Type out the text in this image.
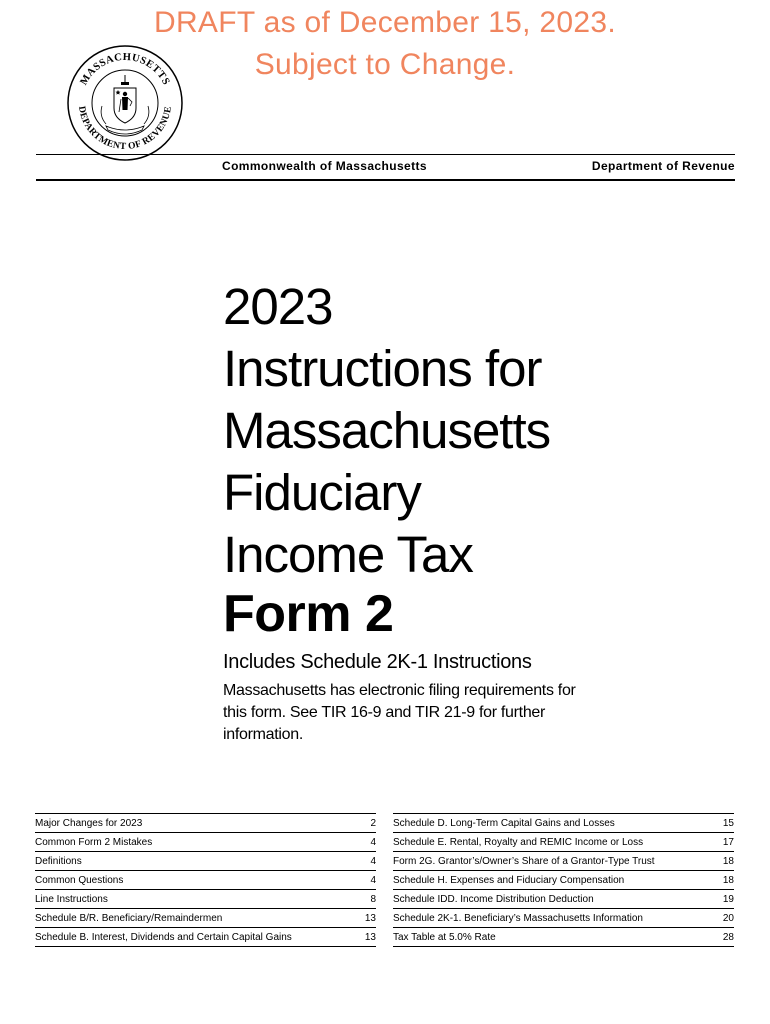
DRAFT as of December 15, 2023.
Subject to Change.
MASSACHUSETTS
DEPARTMENT OF REVENUE
Commonwealth of Massachusetts	Department of Revenue
2023
Instructions for
Massachusetts
Fiduciary
Income Tax
Form 2
Includes Schedule 2K-1 Instructions
Massachusetts has electronic filing requirements for this form. See TIR 16-9 and TIR 21-9 for further information.
Major Changes for 2023	2
Common Form 2 Mistakes	4
Definitions	4
Common Questions	4
Line Instructions	8
Schedule B/R. Beneficiary/Remaindermen	13
Schedule B. Interest, Dividends and Certain Capital Gains	13
Schedule D. Long-Term Capital Gains and Losses	15
Schedule E. Rental, Royalty and REMIC Income or Loss	17
Form 2G. Grantor’s/Owner’s Share of a Grantor-Type Trust	18
Schedule H. Expenses and Fiduciary Compensation	18
Schedule IDD. Income Distribution Deduction	19
Schedule 2K-1. Beneficiary’s Massachusetts Information	20
Tax Table at 5.0% Rate	28
